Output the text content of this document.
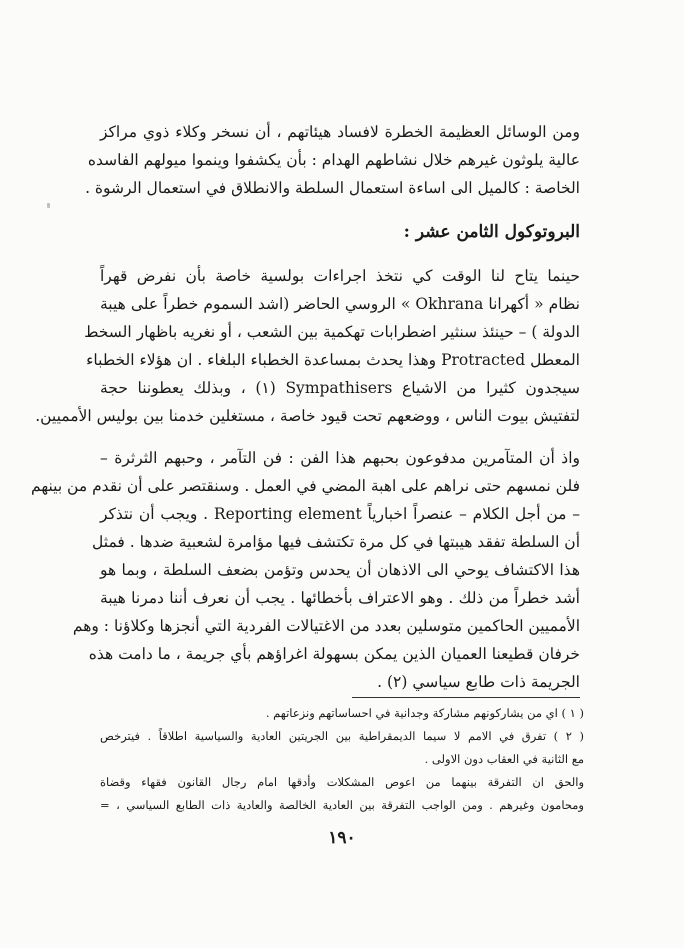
ومن الوسائل العظيمة الخطرة لافساد هيئاتهم ، أن نسخر وكلاء ذوي مراكز
عالية يلوثون غيرهم خلال نشاطهم الهدام : بأن يكشفوا وينموا ميولهم الفاسده
الخاصة : كالميل الى اساءة استعمال السلطة والانطلاق في استعمال الرشوة .
البروتوكول الثامن عشر :
حينما يتاح لنا الوقت كي نتخذ اجراءات بولسية خاصة بأن نفرض قهراً
نظام « أكهرانا Okhrana » الروسي الحاضر (اشد السموم خطراً على هيبة
الدولة ) – حينئذ سنثير اضطرابات تهكمية بين الشعب ، أو نغريه باظهار السخط
المعطل Protracted وهذا يحدث بمساعدة الخطباء البلغاء . ان هؤلاء الخطباء
سيجدون كثيرا من الاشياع Sympathisers (١) ، وبذلك يعطوننا حجة
لتفتيش بيوت الناس ، ووضعهم تحت قيود خاصة ، مستغلين خدمنا بين بوليس الأمميين.
واذ أن المتآمرين مدفوعون بحبهم هذا الفن : فن التآمر ، وحبهم الثرثرة –
فلن نمسهم حتى نراهم على اهبة المضي في العمل . وسنقتصر على أن نقدم من بينهم
– من أجل الكلام – عنصراً اخبارياً Reporting element . ويجب أن نتذكر
أن السلطة تفقد هيبتها في كل مرة تكتشف فيها مؤامرة لشعبية ضدها . فمثل
هذا الاكتشاف يوحي الى الاذهان أن يحدس وتؤمن بضعف السلطة ، وبما هو
أشد خطراً من ذلك . وهو الاعتراف بأخطائها . يجب أن نعرف أننا دمرنا هيبة
الأمميين الحاكمين متوسلين بعدد من الاغتيالات الفردية التي أنجزها وكلاؤنا : وهم
خرفان قطيعنا العميان الذين يمكن بسهولة اغراؤهم بأي جريمة ، ما دامت هذه
الجريمة ذات طابع سياسي (٢) .
( ١ ) اي من يشاركونهم مشاركة وجدانية في احساساتهم ونزعاتهم .
( ٢ ) تفرق في الامم لا سيما الديمقراطية بين الجريتين العادية والسياسية اطلاقاً . فيترخص
مع الثانية في العقاب دون الاولى .
والحق ان التفرقة بينهما من اعوص المشكلات وأدقها امام رجال القانون فقهاء وقضاة
ومحامون وغيرهم . ومن الواجب التفرقة بين العادية الخالصة والعادية ذات الطابع السياسي ، =
١٩٠
